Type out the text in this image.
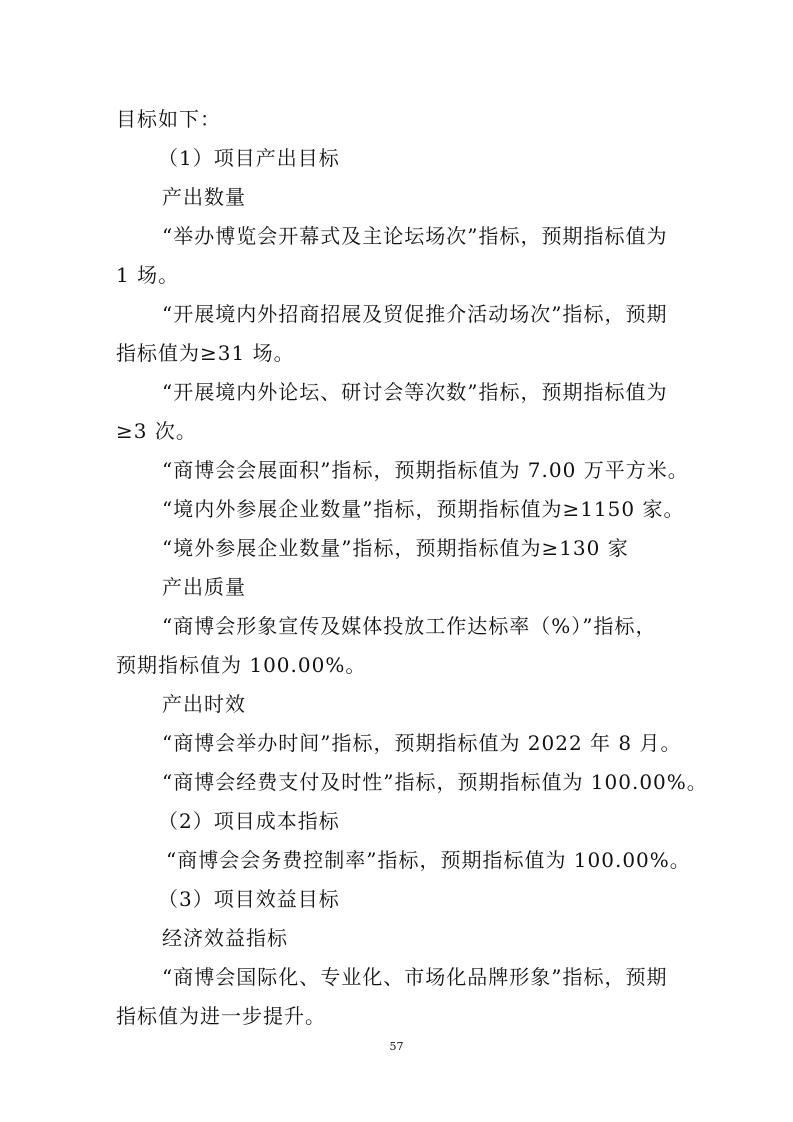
目标如下：
（1）项目产出目标
产出数量
“举办博览会开幕式及主论坛场次”指标，预期指标值为
1 场。
“开展境内外招商招展及贸促推介活动场次”指标，预期
指标值为≥31 场。
“开展境内外论坛、研讨会等次数”指标，预期指标值为
≥3 次。
“商博会会展面积”指标，预期指标值为 7.00 万平方米。
“境内外参展企业数量”指标，预期指标值为≥1150 家。
“境外参展企业数量”指标，预期指标值为≥130 家
产出质量
“商博会形象宣传及媒体投放工作达标率（%）”指标，
预期指标值为 100.00%。
产出时效
“商博会举办时间”指标，预期指标值为 2022 年 8 月。
“商博会经费支付及时性”指标，预期指标值为 100.00%。
（2）项目成本指标
“商博会会务费控制率”指标，预期指标值为 100.00%。
（3）项目效益目标
经济效益指标
“商博会国际化、专业化、市场化品牌形象”指标，预期
指标值为进一步提升。
57
